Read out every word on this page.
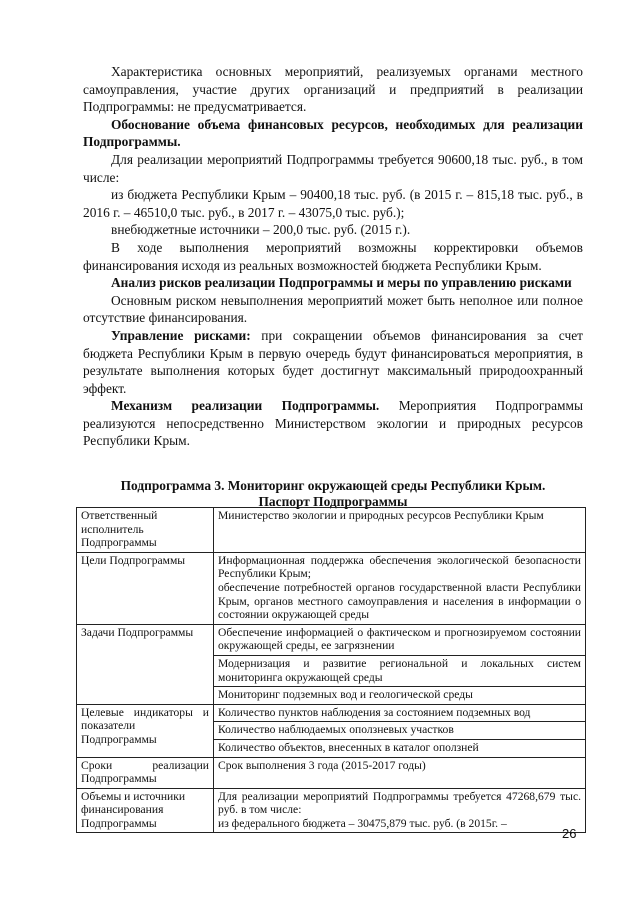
Характеристика основных мероприятий, реализуемых органами местного самоуправления, участие других организаций и предприятий в реализации Подпрограммы: не предусматривается.

Обоснование объема финансовых ресурсов, необходимых для реализации Подпрограммы.

Для реализации мероприятий Подпрограммы требуется 90600,18 тыс. руб., в том числе:

из бюджета Республики Крым – 90400,18 тыс. руб. (в 2015 г. – 815,18 тыс. руб., в 2016 г. – 46510,0 тыс. руб., в 2017 г. – 43075,0 тыс. руб.);

внебюджетные источники – 200,0 тыс. руб. (2015 г.).

В ходе выполнения мероприятий возможны корректировки объемов финансирования исходя из реальных возможностей бюджета Республики Крым.

Анализ рисков реализации Подпрограммы и меры по управлению рисками

Основным риском невыполнения мероприятий может быть неполное или полное отсутствие финансирования.

Управление рисками: при сокращении объемов финансирования за счет бюджета Республики Крым в первую очередь будут финансироваться мероприятия, в результате выполнения которых будет достигнут максимальный природоохранный эффект.

Механизм реализации Подпрограммы. Мероприятия Подпрограммы реализуются непосредственно Министерством экологии и природных ресурсов Республики Крым.

Подпрограмма 3. Мониторинг окружающей среды Республики Крым.
Паспорт Подпрограммы
Ответственный исполнитель Подпрограммы	Министерство экологии и природных ресурсов Республики Крым
Цели Подпрограммы	Информационная поддержка обеспечения экологической безопасности Республики Крым;
обеспечение потребностей органов государственной власти Республики Крым, органов местного самоуправления и населения в информации о состоянии окружающей среды

Задачи Подпрограммы	Обеспечение информацией о фактическом и прогнозируемом состоянии окружающей среды, ее загрязнении
	Модернизация и развитие региональной и локальных систем мониторинга окружающей среды
	Мониторинг подземных вод и геологической среды
Целевые индикаторы и показатели Подпрограммы	Количество пунктов наблюдения за состоянием подземных вод
	Количество наблюдаемых оползневых участков
	Количество объектов, внесенных в каталог оползней
Сроки реализации Подпрограммы	Срок выполнения 3 года (2015-2017 годы)
Объемы и источники финансирования Подпрограммы	Для реализации мероприятий Подпрограммы требуется 47268,679 тыс. руб. в том числе:
из федерального бюджета – 30475,879 тыс. руб. (в 2015г. –
26
